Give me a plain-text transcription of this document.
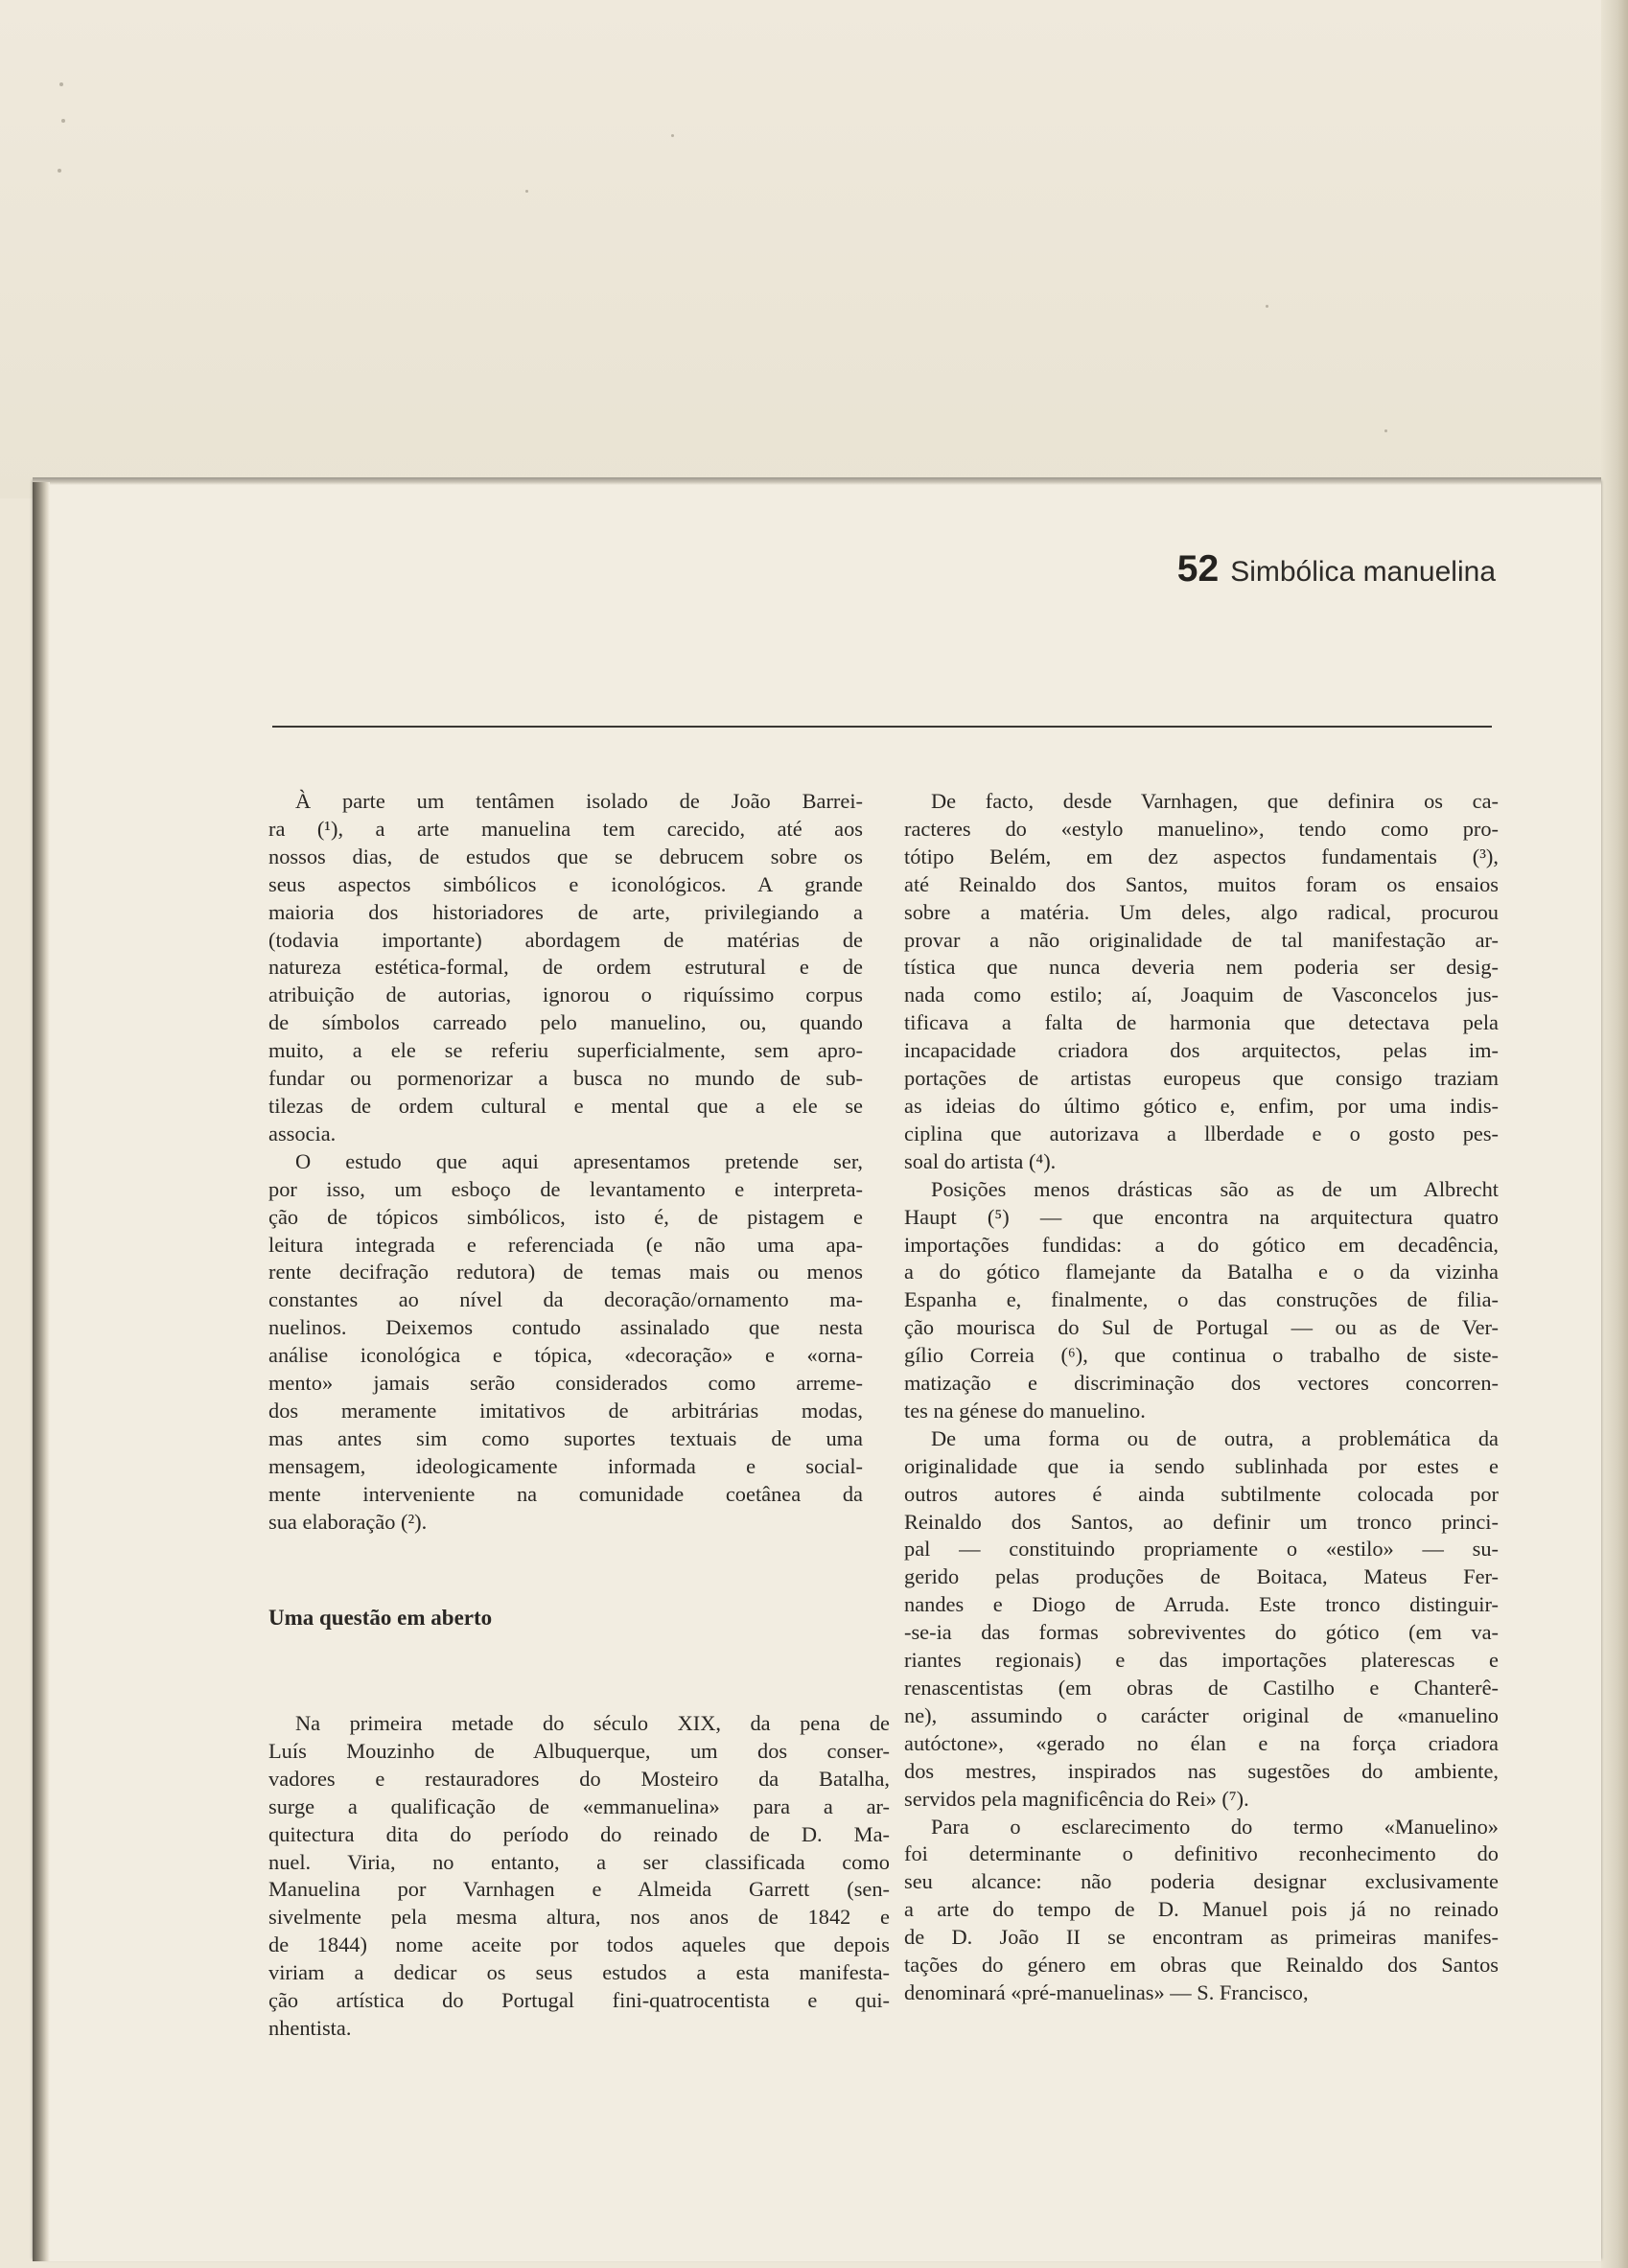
52 Simbólica manuelina
À parte um tentâmen isolado de João Barrei-
ra (¹), a arte manuelina tem carecido, até aos
nossos dias, de estudos que se debrucem sobre os
seus aspectos simbólicos e iconológicos. A grande
maioria dos historiadores de arte, privilegiando a
(todavia importante) abordagem de matérias de
natureza estética-formal, de ordem estrutural e de
atribuição de autorias, ignorou o riquíssimo corpus
de símbolos carreado pelo manuelino, ou, quando
muito, a ele se referiu superficialmente, sem apro-
fundar ou pormenorizar a busca no mundo de sub-
tilezas de ordem cultural e mental que a ele se
associa.
O estudo que aqui apresentamos pretende ser,
por isso, um esboço de levantamento e interpreta-
ção de tópicos simbólicos, isto é, de pistagem e
leitura integrada e referenciada (e não uma apa-
rente decifração redutora) de temas mais ou menos
constantes ao nível da decoração/ornamento ma-
nuelinos. Deixemos contudo assinalado que nesta
análise iconológica e tópica, «decoração» e «orna-
mento» jamais serão considerados como arreme-
dos meramente imitativos de arbitrárias modas,
mas antes sim como suportes textuais de uma
mensagem, ideologicamente informada e social-
mente interveniente na comunidade coetânea da
sua elaboração (²).
Uma questão em aberto
Na primeira metade do século XIX, da pena de
Luís Mouzinho de Albuquerque, um dos conser-
vadores e restauradores do Mosteiro da Batalha,
surge a qualificação de «emmanuelina» para a ar-
quitectura dita do período do reinado de D. Ma-
nuel. Viria, no entanto, a ser classificada como
Manuelina por Varnhagen e Almeida Garrett (sen-
sivelmente pela mesma altura, nos anos de 1842 e
de 1844) nome aceite por todos aqueles que depois
viriam a dedicar os seus estudos a esta manifesta-
ção artística do Portugal fini-quatrocentista e qui-
nhentista.
De facto, desde Varnhagen, que definira os ca-
racteres do «estylo manuelino», tendo como pro-
tótipo Belém, em dez aspectos fundamentais (³),
até Reinaldo dos Santos, muitos foram os ensaios
sobre a matéria. Um deles, algo radical, procurou
provar a não originalidade de tal manifestação ar-
tística que nunca deveria nem poderia ser desig-
nada como estilo; aí, Joaquim de Vasconcelos jus-
tificava a falta de harmonia que detectava pela
incapacidade criadora dos arquitectos, pelas im-
portações de artistas europeus que consigo traziam
as ideias do último gótico e, enfim, por uma indis-
ciplina que autorizava a llberdade e o gosto pes-
soal do artista (⁴).
Posições menos drásticas são as de um Albrecht
Haupt (⁵) — que encontra na arquitectura quatro
importações fundidas: a do gótico em decadência,
a do gótico flamejante da Batalha e o da vizinha
Espanha e, finalmente, o das construções de filia-
ção mourisca do Sul de Portugal — ou as de Ver-
gílio Correia (⁶), que continua o trabalho de siste-
matização e discriminação dos vectores concorren-
tes na génese do manuelino.
De uma forma ou de outra, a problemática da
originalidade que ia sendo sublinhada por estes e
outros autores é ainda subtilmente colocada por
Reinaldo dos Santos, ao definir um tronco princi-
pal — constituindo propriamente o «estilo» — su-
gerido pelas produções de Boitaca, Mateus Fer-
nandes e Diogo de Arruda. Este tronco distinguir-
-se-ia das formas sobreviventes do gótico (em va-
riantes regionais) e das importações platerescas e
renascentistas (em obras de Castilho e Chanterê-
ne), assumindo o carácter original de «manuelino
autóctone», «gerado no élan e na força criadora
dos mestres, inspirados nas sugestões do ambiente,
servidos pela magnificência do Rei» (⁷).
Para o esclarecimento do termo «Manuelino»
foi determinante o definitivo reconhecimento do
seu alcance: não poderia designar exclusivamente
a arte do tempo de D. Manuel pois já no reinado
de D. João II se encontram as primeiras manifes-
tações do género em obras que Reinaldo dos Santos
denominará «pré-manuelinas» — S. Francisco,
